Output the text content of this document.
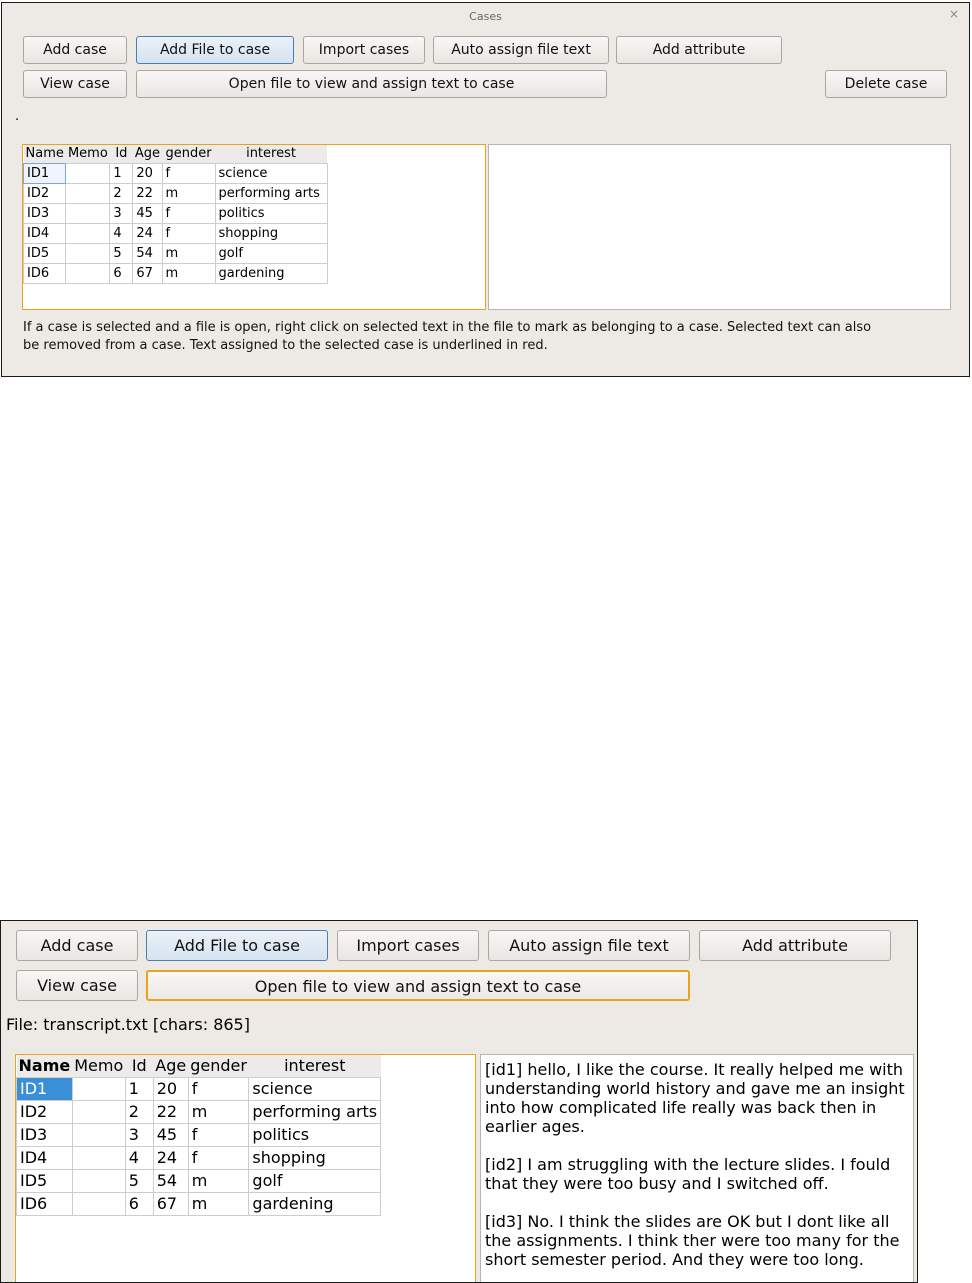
Cases	×
Add case	Add File to case	Import cases	Auto assign file text	Add attribute
View case	Open file to view and assign text to case	Delete case
.
Name	Memo	Id	Age	gender	interest
ID1		1	20	f	science
ID2		2	22	m	performing arts
ID3		3	45	f	politics
ID4		4	24	f	shopping
ID5		5	54	m	golf
ID6		6	67	m	gardening
If a case is selected and a file is open, right click on selected text in the file to mark as belonging to a case. Selected text can also
be removed from a case. Text assigned to the selected case is underlined in red.
Add case	Add File to case	Import cases	Auto assign file text	Add attribute
View case	Open file to view and assign text to case
File: transcript.txt [chars: 865]
Name	Memo	Id	Age	gender	interest
ID1		1	20	f	science
ID2		2	22	m	performing arts
ID3		3	45	f	politics
ID4		4	24	f	shopping
ID5		5	54	m	golf
ID6		6	67	m	gardening

[id1] hello, I like the course. It really helped me with understanding world history and gave me an insight into how complicated life really was back then in earlier ages.

[id2] I am struggling with the lecture slides. I fould that they were too busy and I switched off.

[id3] No. I think the slides are OK but I dont like all the assignments. I think ther were too many for the short semester period. And they were too long.
